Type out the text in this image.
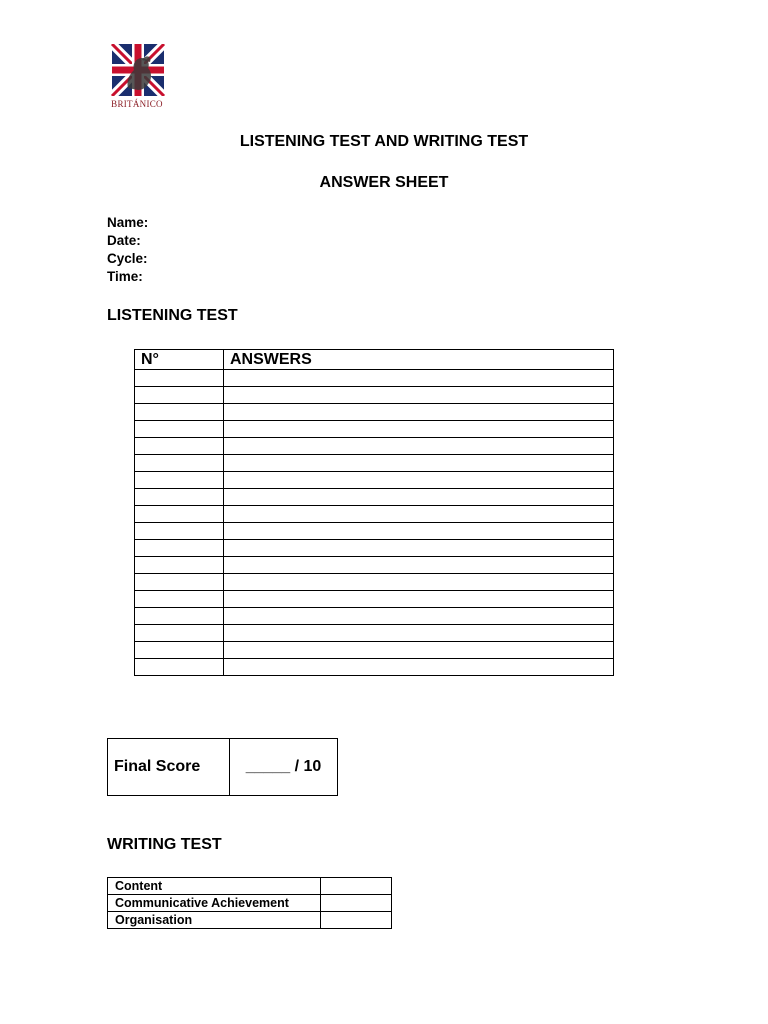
BRITÁNICO
LISTENING TEST AND WRITING TEST
ANSWER SHEET
Name:
Date:
Cycle:
Time:
LISTENING TEST
N°	ANSWERS

Final Score	_____ / 10
WRITING TEST
Content	
Communicative Achievement	
Organisation	
